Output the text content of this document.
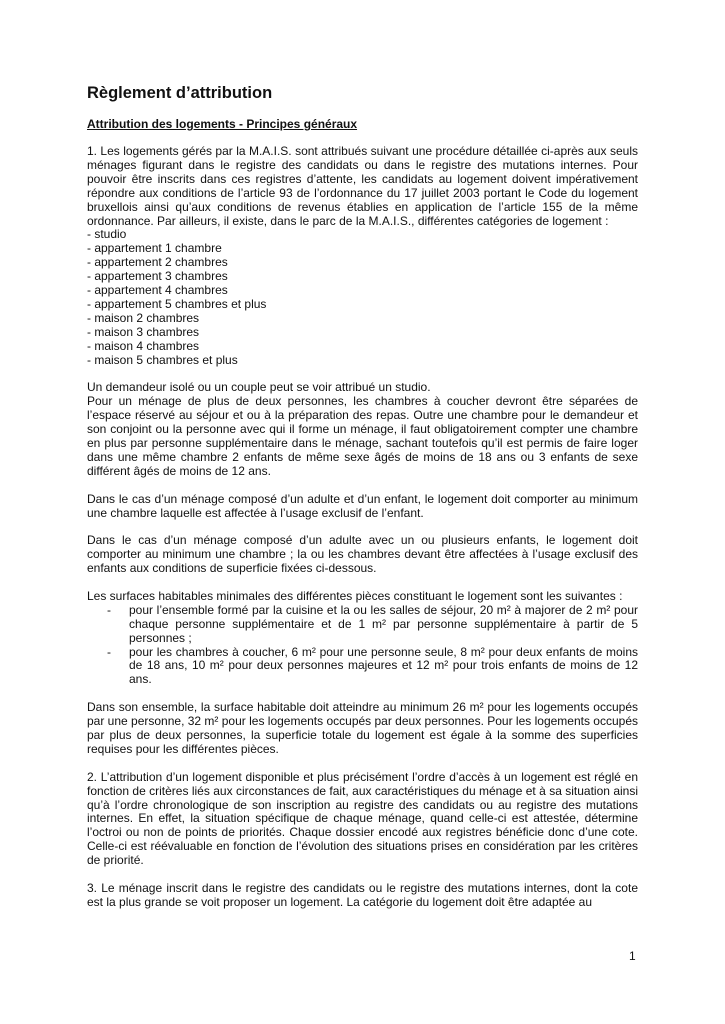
Règlement d’attribution
Attribution des logements - Principes généraux

1. Les logements gérés par la M.A.I.S. sont attribués suivant une procédure détaillée ci-après aux seuls ménages figurant dans le registre des candidats ou dans le registre des mutations internes. Pour pouvoir être inscrits dans ces registres d’attente, les candidats au logement doivent impérativement répondre aux conditions de l’article 93 de l’ordonnance du 17 juillet 2003 portant le Code du logement bruxellois ainsi qu’aux conditions de revenus établies en application de l’article 155 de la même ordonnance. Par ailleurs, il existe, dans le parc de la M.A.I.S., différentes catégories de logement :

- studio
- appartement 1 chambre
- appartement 2 chambres
- appartement 3 chambres
- appartement 4 chambres
- appartement 5 chambres et plus
- maison 2 chambres
- maison 3 chambres
- maison 4 chambres
- maison 5 chambres et plus

Un demandeur isolé ou un couple peut se voir attribué un studio.

Pour un ménage de plus de deux personnes, les chambres à coucher devront être séparées de l’espace réservé au séjour et ou à la préparation des repas. Outre une chambre pour le demandeur et son conjoint ou la personne avec qui il forme un ménage, il faut obligatoirement compter une chambre en plus par personne supplémentaire dans le ménage, sachant toutefois qu’il est permis de faire loger dans une même chambre 2 enfants de même sexe âgés de moins de 18 ans ou 3 enfants de sexe différent âgés de moins de 12 ans.

Dans le cas d’un ménage composé d’un adulte et d’un enfant, le logement doit comporter au minimum une chambre laquelle est affectée à l’usage exclusif de l’enfant.

Dans le cas d’un ménage composé d’un adulte avec un ou plusieurs enfants, le logement doit comporter au minimum une chambre ; la ou les chambres devant être affectées à l’usage exclusif des enfants aux conditions de superficie fixées ci-dessous.

Les surfaces habitables minimales des différentes pièces constituant le logement sont les suivantes :

- pour l’ensemble formé par la cuisine et la ou les salles de séjour, 20 m² à majorer de 2 m² pour chaque personne supplémentaire et de 1 m² par personne supplémentaire à partir de 5 personnes ;
- pour les chambres à coucher, 6 m² pour une personne seule, 8 m² pour deux enfants de moins de 18 ans, 10 m² pour deux personnes majeures et 12 m² pour trois enfants de moins de 12 ans.

Dans son ensemble, la surface habitable doit atteindre au minimum 26 m² pour les logements occupés par une personne, 32 m² pour les logements occupés par deux personnes. Pour les logements occupés par plus de deux personnes, la superficie totale du logement est égale à la somme des superficies requises pour les différentes pièces.

2. L’attribution d’un logement disponible et plus précisément l’ordre d’accès à un logement est réglé en fonction de critères liés aux circonstances de fait, aux caractéristiques du ménage et à sa situation ainsi qu’à l’ordre chronologique de son inscription au registre des candidats ou au registre des mutations internes. En effet, la situation spécifique de chaque ménage, quand celle-ci est attestée, détermine l’octroi ou non de points de priorités. Chaque dossier encodé aux registres bénéficie donc d’une cote. Celle-ci est réévaluable en fonction de l’évolution des situations prises en considération par les critères de priorité.

3. Le ménage inscrit dans le registre des candidats ou le registre des mutations internes, dont la cote est la plus grande se voit proposer un logement. La catégorie du logement doit être adaptée au

1
